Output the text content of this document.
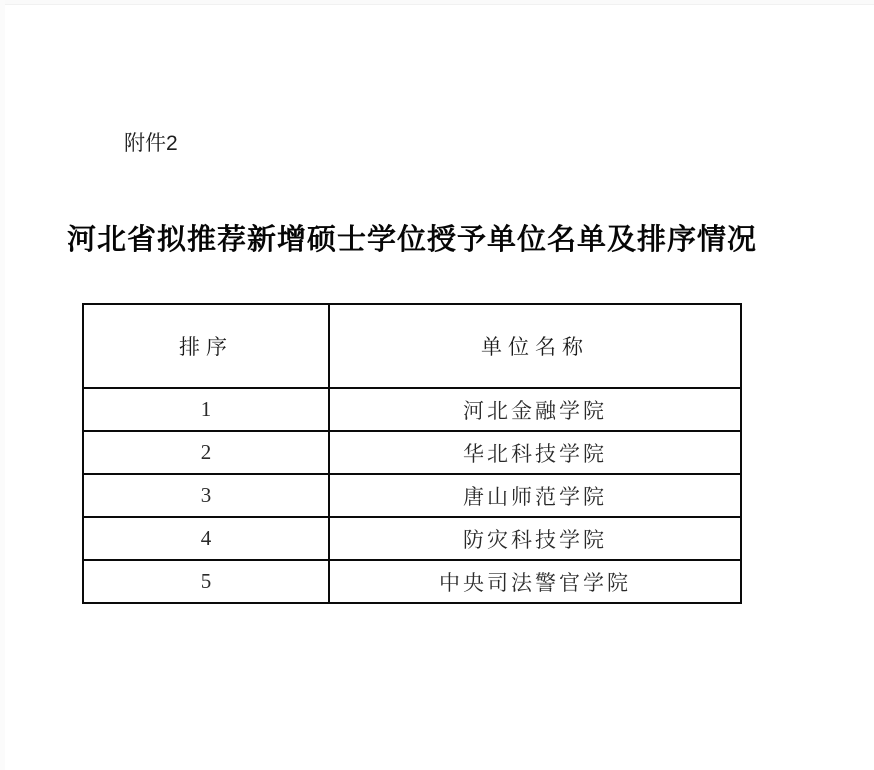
附件2
河北省拟推荐新增硕士学位授予单位名单及排序情况
排序	单位名称
1	河北金融学院
2	华北科技学院
3	唐山师范学院
4	防灾科技学院
5	中央司法警官学院
